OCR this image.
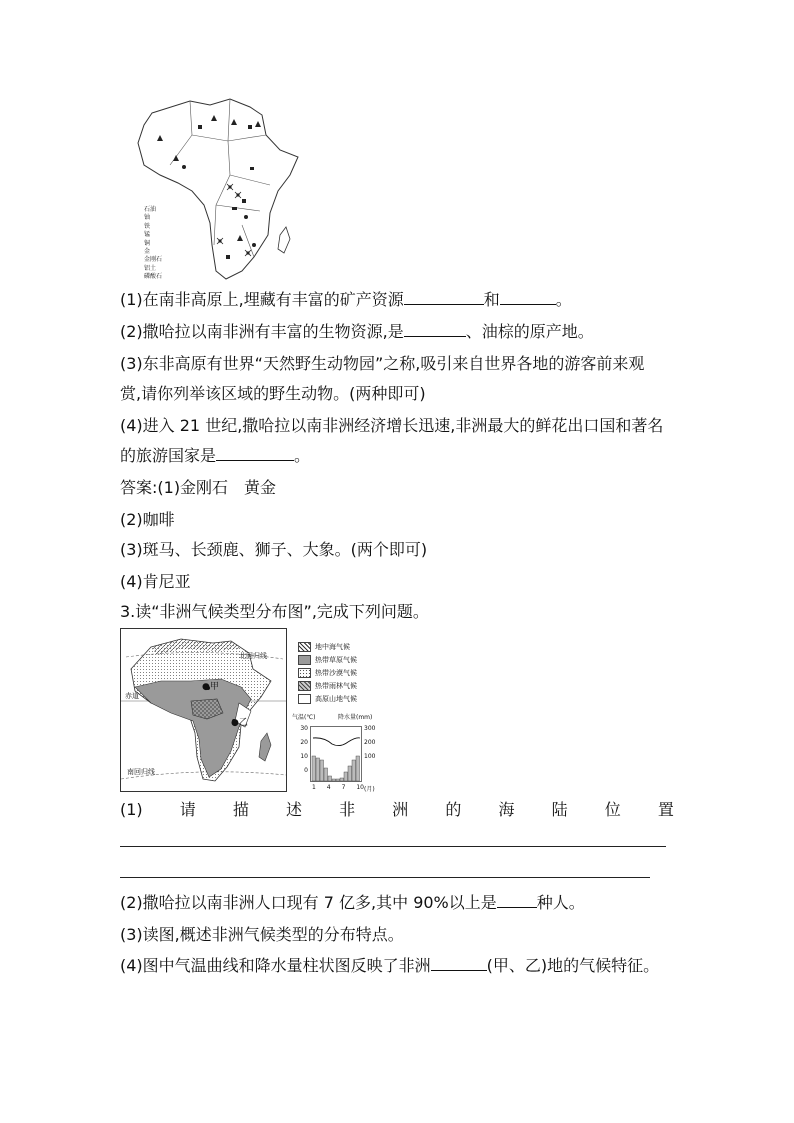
石油
铀
铁
锰
铜
金
金刚石
铝土
磷酸石
(1)在南非高原上,埋藏有丰富的矿产资源	和	。
(2)撒哈拉以南非洲有丰富的生物资源,是	、油棕的原产地。
(3)东非高原有世界“天然野生动物园”之称,吸引来自世界各地的游客前来观
赏,请你列举该区域的野生动物。(两种即可)
(4)进入 21 世纪,撒哈拉以南非洲经济增长迅速,非洲最大的鲜花出口国和著名
的旅游国家是	。
答案:(1)金刚石　黄金
(2)咖啡
(3)斑马、长颈鹿、狮子、大象。(两个即可)
(4)肯尼亚
3.读“非洲气候类型分布图”,完成下列问题。
北回归线
赤道
南回归线
●甲
●乙
地中海气候
热带草原气候
热带沙漠气候
热带雨林气候
高原山地气候
气温(℃)	降水量(mm)
30
20
10
0
300
200
100
1 4 7 10 (月)
(1) 请 描 述 非 洲 的 海 陆 位 置
(2)撒哈拉以南非洲人口现有 7 亿多,其中 90%以上是	种人。
(3)读图,概述非洲气候类型的分布特点。
(4)图中气温曲线和降水量柱状图反映了非洲	(甲、乙)地的气候特征。
